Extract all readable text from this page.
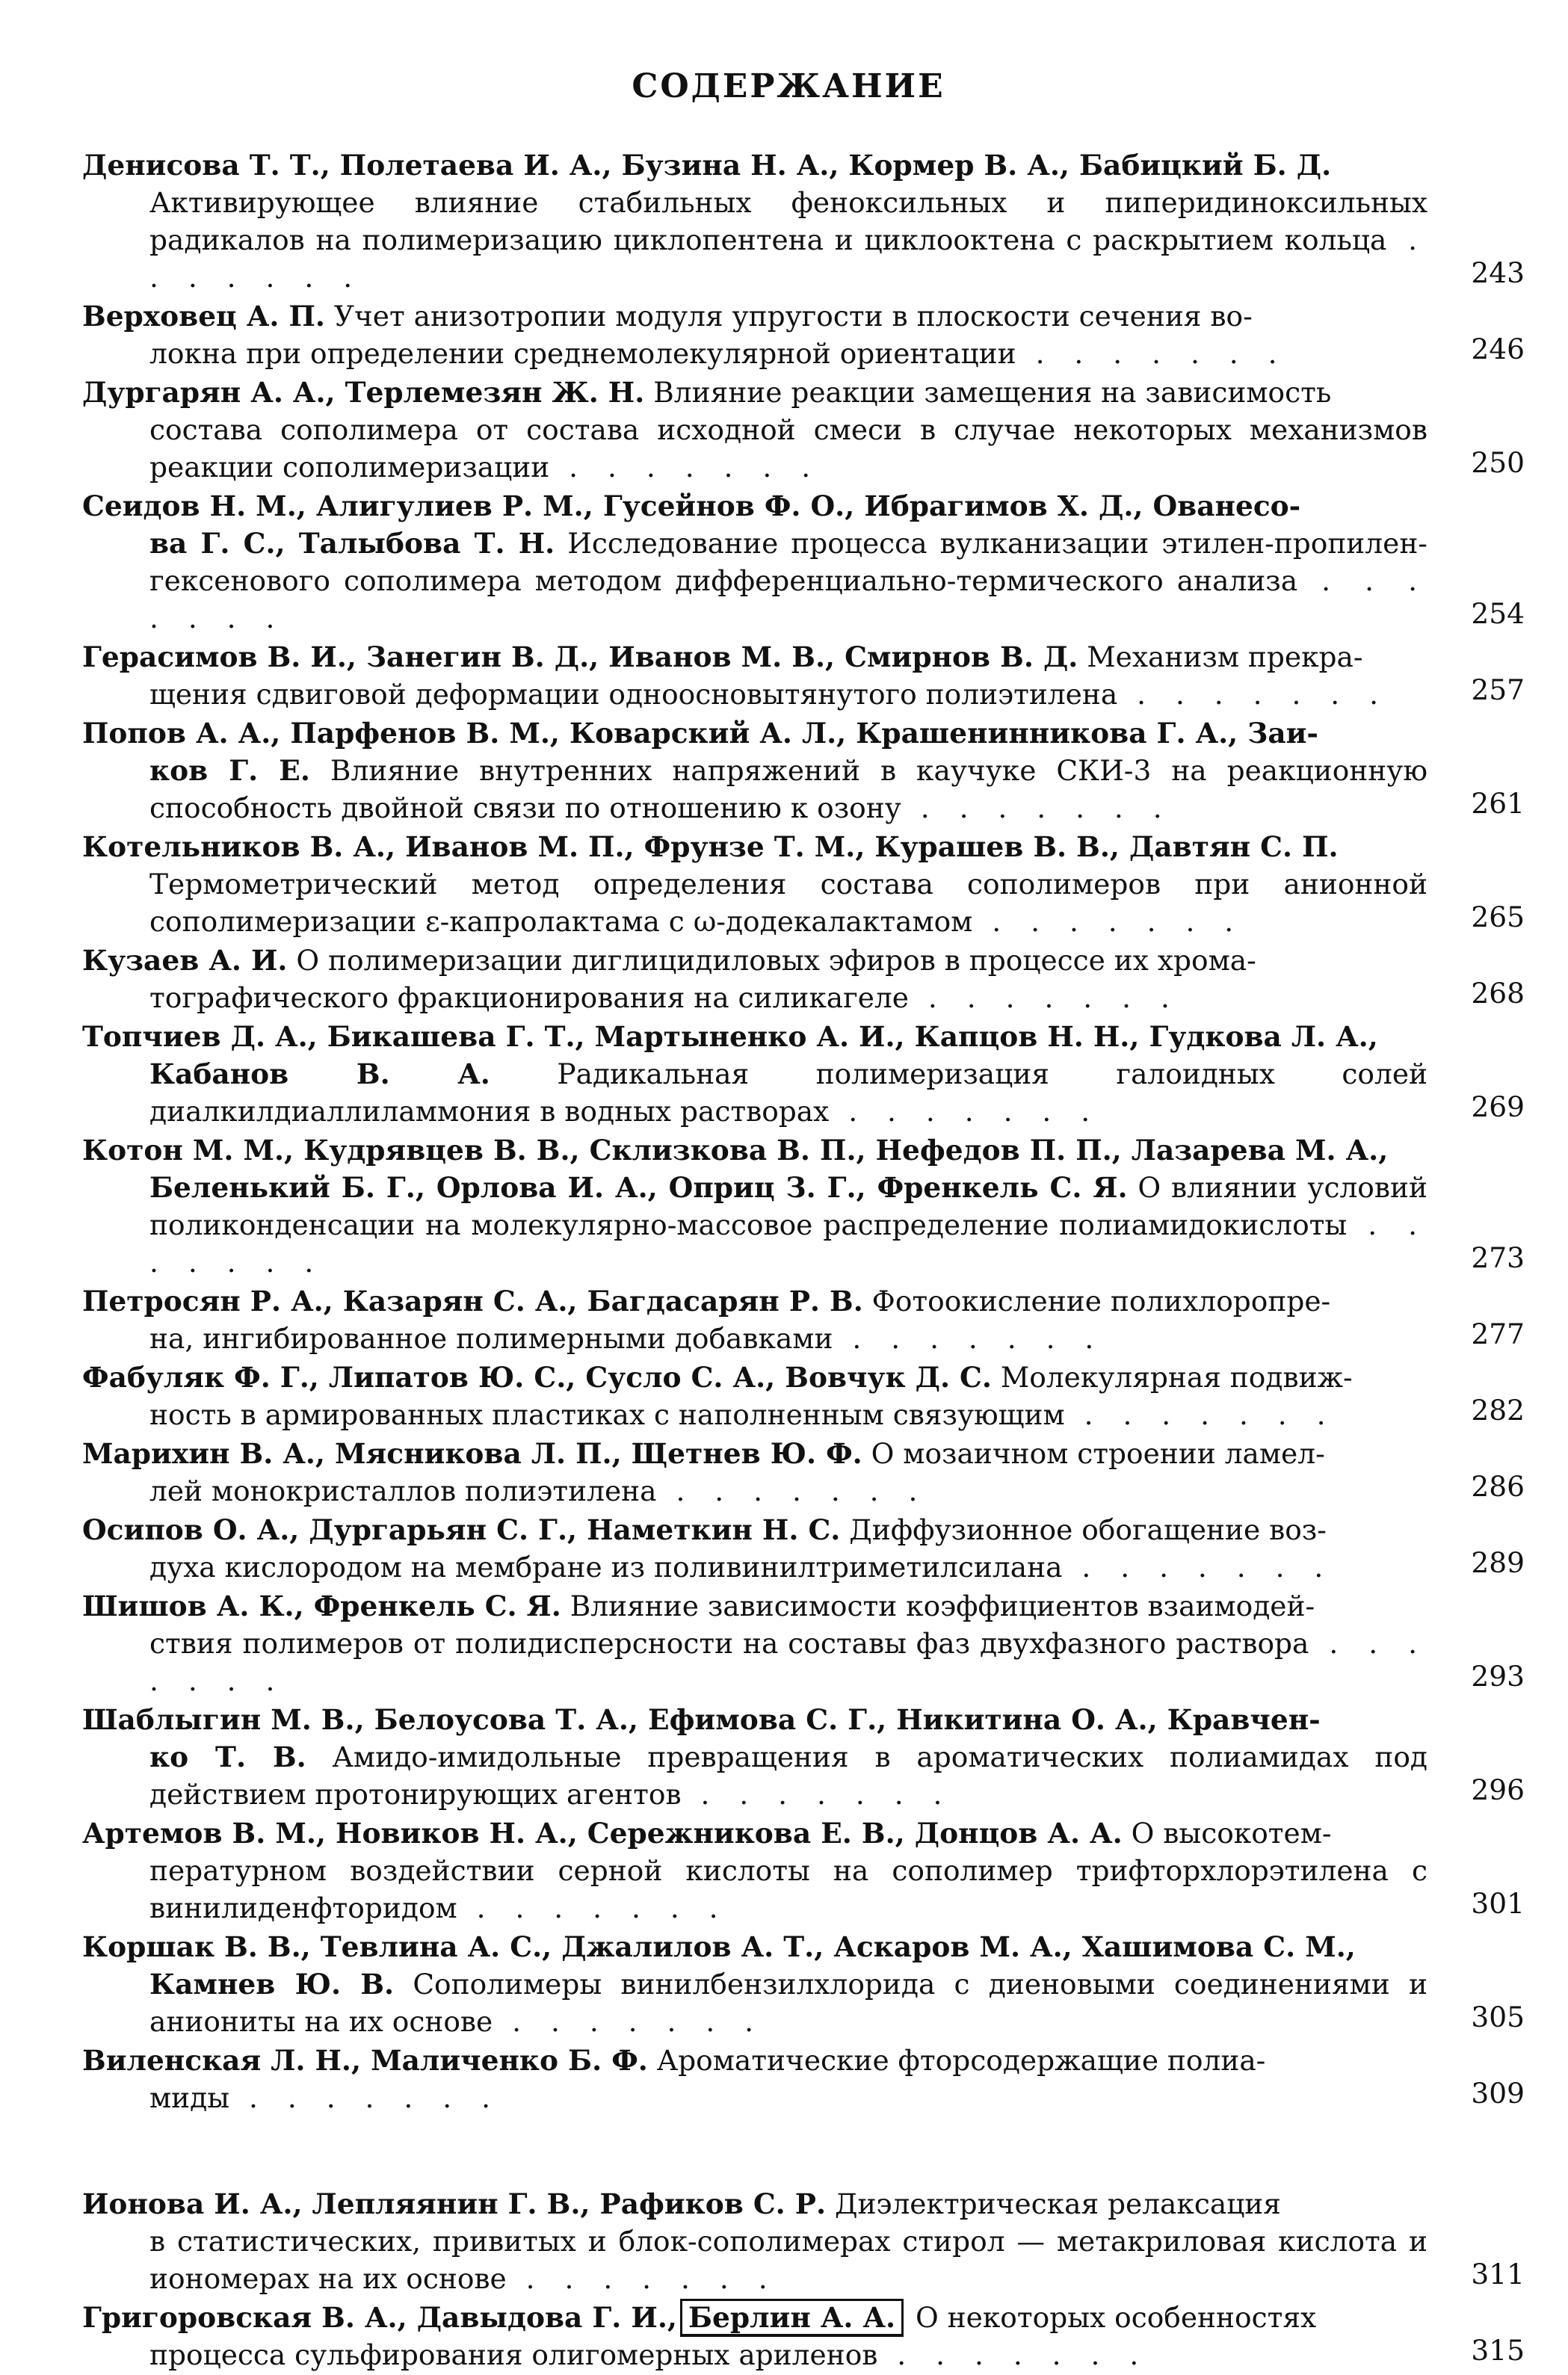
СОДЕРЖАНИЕ
Денисова Т. Т., Полетаева И. А., Бузина Н. А., Кормер В. А., Бабицкий Б. Д.
Активирующее влияние стабильных феноксильных и пиперидиноксильных радикалов на полимеризацию циклопентена и циклооктена с раскрытием кольца . . . . . . .	243
Верховец А. П. Учет анизотропии модуля упругости в плоскости сечения во-
локна при определении среднемолекулярной ориентации . . . . . . .	246
Дургарян А. А., Терлемезян Ж. Н. Влияние реакции замещения на зависимость
состава сополимера от состава исходной смеси в случае некоторых механизмов реакции сополимеризации . . . . . . .	250
Сеидов Н. М., Алигулиев Р. М., Гусейнов Ф. О., Ибрагимов Х. Д., Ованесо-
ва Г. С., Талыбова Т. Н. Исследование процесса вулканизации этилен-пропилен-гексенового сополимера методом дифференциально-термического анализа . . . . . . .	254
Герасимов В. И., Занегин В. Д., Иванов М. В., Смирнов В. Д. Механизм прекра-
щения сдвиговой деформации одноосновытянутого полиэтилена . . . . . . .	257
Попов А. А., Парфенов В. М., Коварский А. Л., Крашенинникова Г. А., Заи-
ков Г. Е. Влияние внутренних напряжений в каучуке СКИ-3 на реакционную способность двойной связи по отношению к озону . . . . . . .	261
Котельников В. А., Иванов М. П., Фрунзе Т. М., Курашев В. В., Давтян С. П.
Термометрический метод определения состава сополимеров при анионной сополимеризации ε-капролактама с ω-додекалактамом . . . . . . .	265
Кузаев А. И. О полимеризации диглицидиловых эфиров в процессе их хрома-
тографического фракционирования на силикагеле . . . . . . .	268
Топчиев Д. А., Бикашева Г. Т., Мартыненко А. И., Капцов Н. Н., Гудкова Л. А.,
Кабанов В. А. Радикальная полимеризация галоидных солей диалкилдиаллиламмония в водных растворах . . . . . . .	269
Котон М. М., Кудрявцев В. В., Склизкова В. П., Нефедов П. П., Лазарева М. А.,
Беленький Б. Г., Орлова И. А., Оприц З. Г., Френкель С. Я. О влиянии условий поликонденсации на молекулярно-массовое распределение полиамидокислоты . . . . . . .	273
Петросян Р. А., Казарян С. А., Багдасарян Р. В. Фотоокисление полихлоропре-
на, ингибированное полимерными добавками . . . . . . .	277
Фабуляк Ф. Г., Липатов Ю. С., Сусло С. А., Вовчук Д. С. Молекулярная подвиж-
ность в армированных пластиках с наполненным связующим . . . . . . .	282
Марихин В. А., Мясникова Л. П., Щетнев Ю. Ф. О мозаичном строении ламел-
лей монокристаллов полиэтилена . . . . . . .	286
Осипов О. А., Дургарьян С. Г., Наметкин Н. С. Диффузионное обогащение воз-
духа кислородом на мембране из поливинилтриметилсилана . . . . . . .	289
Шишов А. К., Френкель С. Я. Влияние зависимости коэффициентов взаимодей-
ствия полимеров от полидисперсности на составы фаз двухфазного раствора . . . . . . .	293
Шаблыгин М. В., Белоусова Т. А., Ефимова С. Г., Никитина О. А., Кравчен-
ко Т. В. Амидо-имидольные превращения в ароматических полиамидах под действием протонирующих агентов . . . . . . .	296
Артемов В. М., Новиков Н. А., Сережникова Е. В., Донцов А. А. О высокотем-
пературном воздействии серной кислоты на сополимер трифторхлорэтилена с винилиденфторидом . . . . . . .	301
Коршак В. В., Тевлина А. С., Джалилов А. Т., Аскаров М. А., Хашимова С. М.,
Камнев Ю. В. Сополимеры винилбензилхлорида с диеновыми соединениями и аниониты на их основе . . . . . . .	305
Виленская Л. Н., Маличенко Б. Ф. Ароматические фторсодержащие полиа-
миды . . . . . . .	309
Ионова И. А., Лепляянин Г. В., Рафиков С. Р. Диэлектрическая релаксация
в статистических, привитых и блок-сополимерах стирол — метакриловая кислота и иономерах на их основе . . . . . . .	311
Григоровская В. А., Давыдова Г. И., Берлин А. А. О некоторых особенностях
процесса сульфирования олигомерных ариленов . . . . . . .	315
